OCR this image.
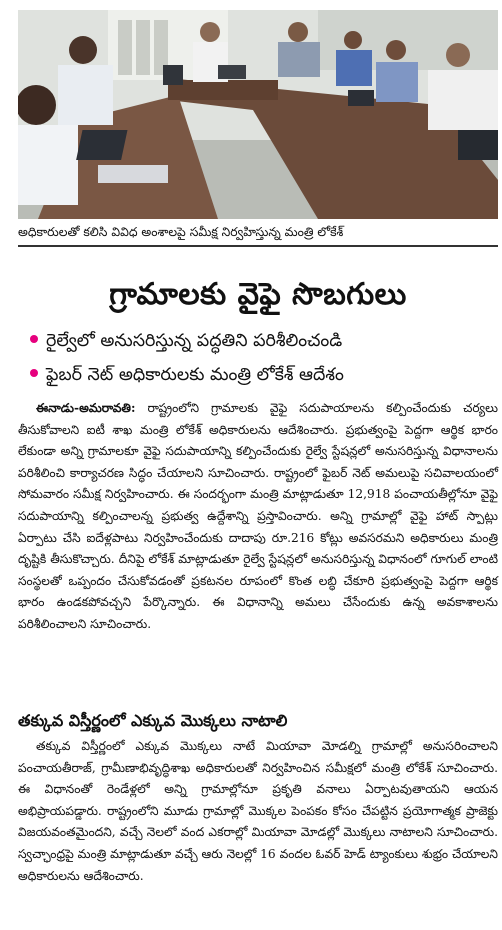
అధికారులతో కలిసి వివిధ అంశాలపై సమీక్ష నిర్వహిస్తున్న మంత్రి లోకేశ్
గ్రామాలకు వైఫై సొబగులు
రైల్వేలో అనుసరిస్తున్న పద్ధతిని పరిశీలించండి
ఫైబర్ నెట్ అధికారులకు మంత్రి లోకేశ్ ఆదేశం

ఈనాడు-అమరావతి: రాష్ట్రంలోని గ్రామాలకు వైఫై సదుపాయాలను కల్పించేందుకు చర్యలు తీసుకోవాలని ఐటీ శాఖ మంత్రి లోకేశ్ అధికారులను ఆదేశించారు. ప్రభుత్వంపై పెద్దగా ఆర్థిక భారం లేకుండా అన్ని గ్రామాలకూ వైఫై సదుపాయాన్ని కల్పించేందుకు రైల్వే స్టేషన్లలో అనుసరిస్తున్న విధానాలను పరిశీలించి కార్యాచరణ సిద్ధం చేయాలని సూచించారు. రాష్ట్రంలో ఫైబర్ నెట్ అమలుపై సచివాలయంలో సోమవారం సమీక్ష నిర్వహించారు. ఈ సందర్భంగా మంత్రి మాట్లాడుతూ 12,918 పంచాయతీల్లోనూ వైఫై సదుపాయాన్ని కల్పించాలన్న ప్రభుత్వ ఉద్దేశాన్ని ప్రస్తావించారు. అన్ని గ్రామాల్లో వైఫై హాట్ స్పాట్లు ఏర్పాటు చేసి ఐదేళ్లపాటు నిర్వహించేందుకు దాదాపు రూ.216 కోట్లు అవసరమని అధికారులు మంత్రి దృష్టికి తీసుకొచ్చారు. దీనిపై లోకేశ్ మాట్లాడుతూ రైల్వే స్టేషన్లలో అనుసరిస్తున్న విధానంలో గూగుల్ లాంటి సంస్థలతో ఒప్పందం చేసుకోవడంతో ప్రకటనల రూపంలో కొంత లబ్ధి చేకూరి ప్రభుత్వంపై పెద్దగా ఆర్థిక భారం ఉండకపోవచ్చని పేర్కొన్నారు. ఈ విధానాన్ని అమలు చేసేందుకు ఉన్న అవకాశాలను పరిశీలించాలని సూచించారు.

తక్కువ విస్తీర్ణంలో ఎక్కువ మొక్కలు నాటాలి

తక్కువ విస్తీర్ణంలో ఎక్కువ మొక్కలు నాటే మియావా మోడల్ని గ్రామాల్లో అనుసరించాలని పంచాయతీరాజ్, గ్రామీణాభివృద్ధిశాఖ అధికారులతో నిర్వహించిన సమీక్షలో మంత్రి లోకేశ్ సూచించారు. ఈ విధానంతో రెండేళ్లలో అన్ని గ్రామాల్లోనూ ప్రకృతి వనాలు ఏర్పాటవుతాయని ఆయన అభిప్రాయపడ్డారు. రాష్ట్రంలోని మూడు గ్రామాల్లో మొక్కల పెంపకం కోసం చేపట్టిన ప్రయోగాత్మక ప్రాజెక్టు విజయవంతమైందని, వచ్చే నెలలో వంద ఎకరాల్లో మియావా మోడల్లో మొక్కలు నాటాలని సూచించారు. స్వచ్ఛాంధ్రపై మంత్రి మాట్లాడుతూ వచ్చే ఆరు నెలల్లో 16 వందల ఓవర్ హెడ్ ట్యాంకులు శుభ్రం చేయాలని అధికారులను ఆదేశించారు.
